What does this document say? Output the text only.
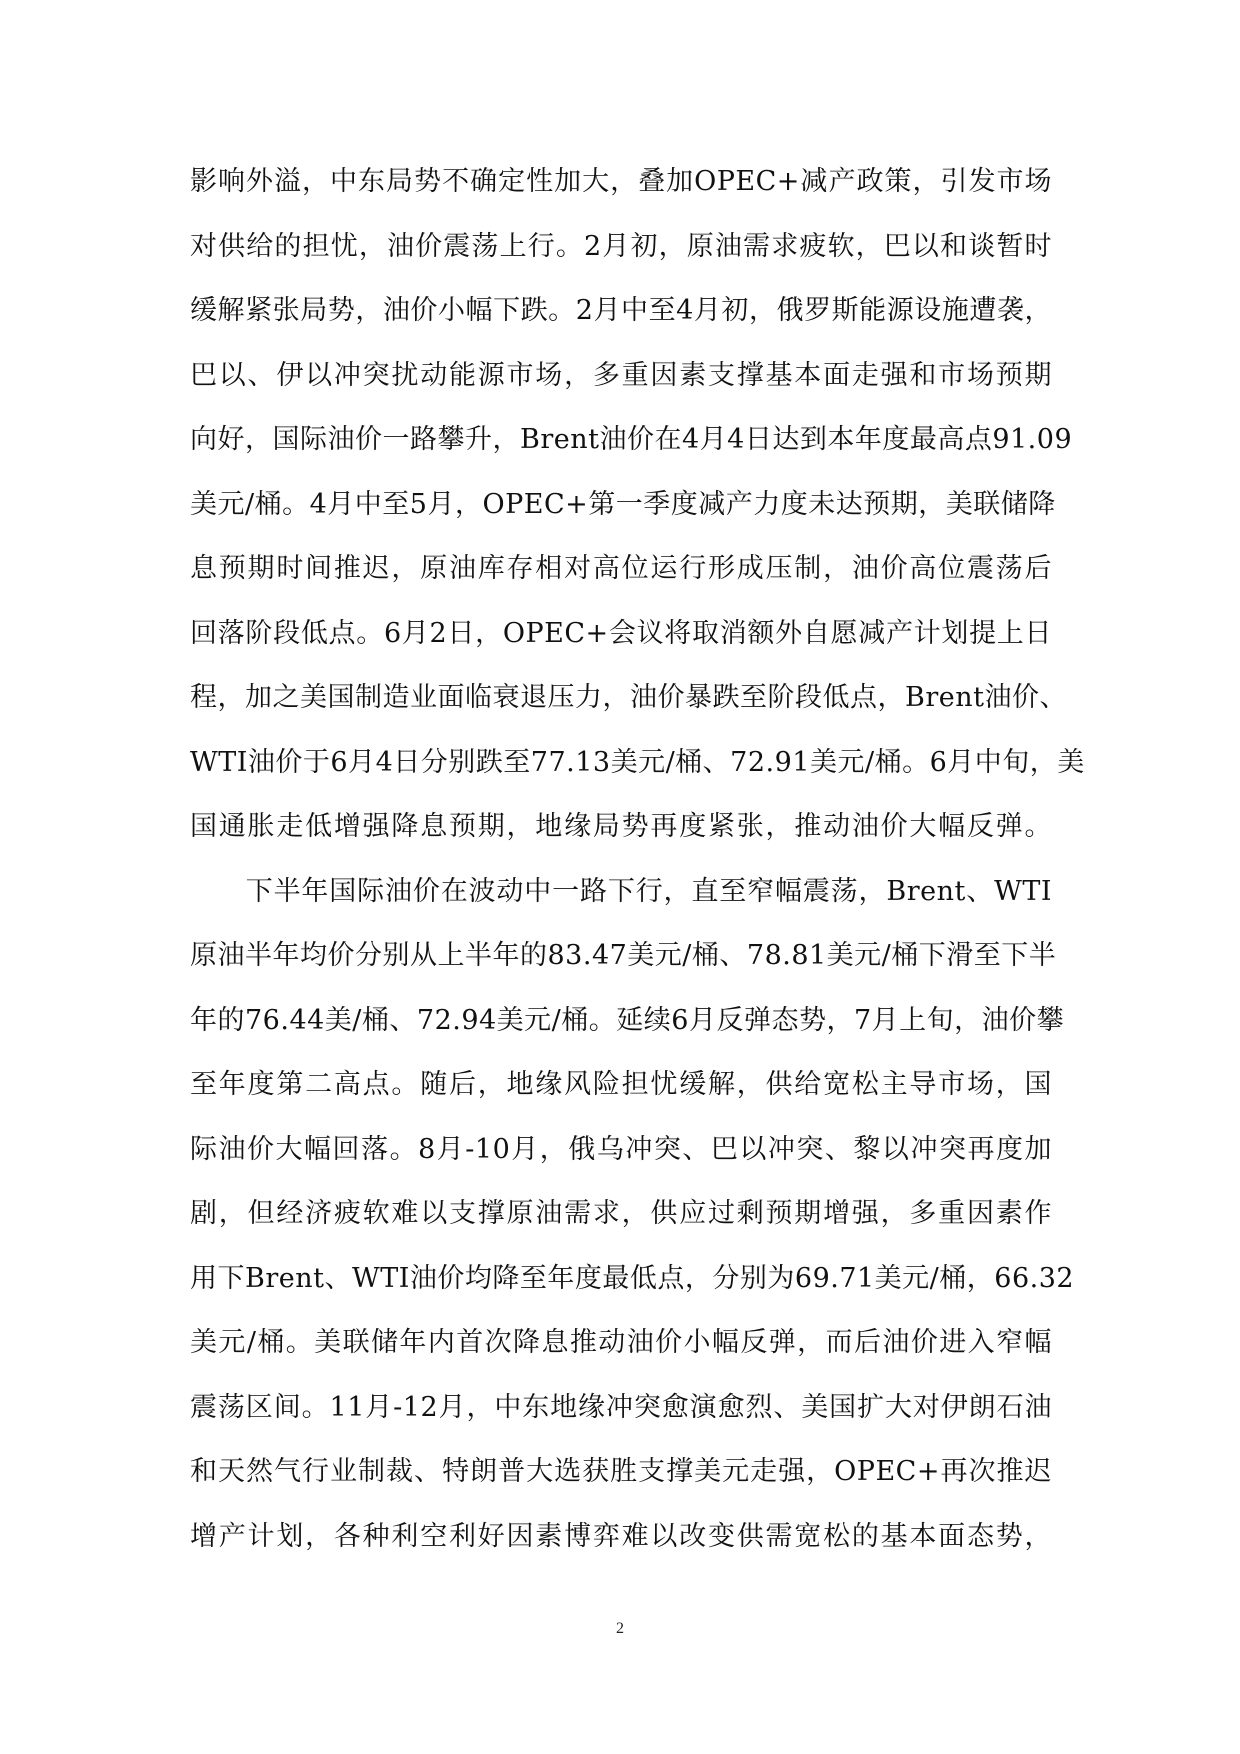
影响外溢，中东局势不确定性加大，叠加OPEC+减产政策，引发市场
对供给的担忧，油价震荡上行。2月初，原油需求疲软，巴以和谈暂时
缓解紧张局势，油价小幅下跌。2月中至4月初，俄罗斯能源设施遭袭，
巴以、伊以冲突扰动能源市场，多重因素支撑基本面走强和市场预期
向好，国际油价一路攀升，Brent油价在4月4日达到本年度最高点91.09
美元/桶。4月中至5月，OPEC+第一季度减产力度未达预期，美联储降
息预期时间推迟，原油库存相对高位运行形成压制，油价高位震荡后
回落阶段低点。6月2日，OPEC+会议将取消额外自愿减产计划提上日
程，加之美国制造业面临衰退压力，油价暴跌至阶段低点，Brent油价、
WTI油价于6月4日分别跌至77.13美元/桶、72.91美元/桶。6月中旬，美
国通胀走低增强降息预期，地缘局势再度紧张，推动油价大幅反弹。
　　下半年国际油价在波动中一路下行，直至窄幅震荡，Brent、WTI
原油半年均价分别从上半年的83.47美元/桶、78.81美元/桶下滑至下半
年的76.44美/桶、72.94美元/桶。延续6月反弹态势，7月上旬，油价攀
至年度第二高点。随后，地缘风险担忧缓解，供给宽松主导市场，国
际油价大幅回落。8月-10月，俄乌冲突、巴以冲突、黎以冲突再度加
剧，但经济疲软难以支撑原油需求，供应过剩预期增强，多重因素作
用下Brent、WTI油价均降至年度最低点，分别为69.71美元/桶，66.32
美元/桶。美联储年内首次降息推动油价小幅反弹，而后油价进入窄幅
震荡区间。11月-12月，中东地缘冲突愈演愈烈、美国扩大对伊朗石油
和天然气行业制裁、特朗普大选获胜支撑美元走强，OPEC+再次推迟
增产计划，各种利空利好因素博弈难以改变供需宽松的基本面态势，
2
